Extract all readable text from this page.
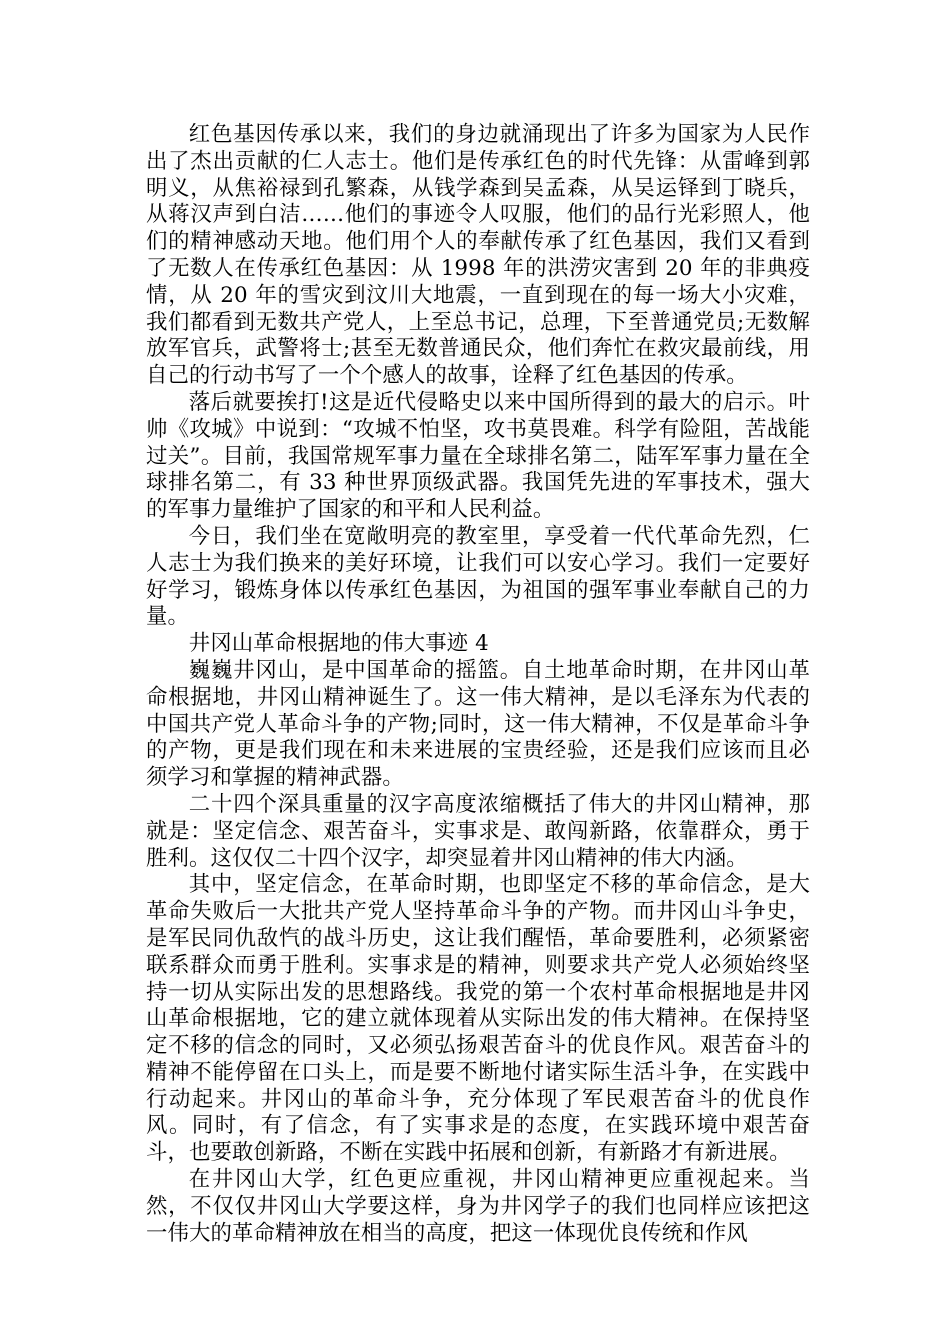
红色基因传承以来，我们的身边就涌现出了许多为国家为人民作出了杰出贡献的仁人志士。他们是传承红色的时代先锋：从雷峰到郭明义，从焦裕禄到孔繁森，从钱学森到吴孟森，从吴运铎到丁晓兵，从蒋汉声到白洁……他们的事迹令人叹服，他们的品行光彩照人，他们的精神感动天地。他们用个人的奉献传承了红色基因，我们又看到了无数人在传承红色基因：从 1998 年的洪涝灾害到 20 年的非典疫情，从 20 年的雪灾到汶川大地震，一直到现在的每一场大小灾难，我们都看到无数共产党人，上至总书记，总理，下至普通党员;无数解放军官兵，武警将士;甚至无数普通民众，他们奔忙在救灾最前线，用自己的行动书写了一个个感人的故事，诠释了红色基因的传承。

落后就要挨打!这是近代侵略史以来中国所得到的最大的启示。叶帅《攻城》中说到：“攻城不怕坚，攻书莫畏难。科学有险阻，苦战能过关”。目前，我国常规军事力量在全球排名第二，陆军军事力量在全球排名第二，有 33 种世界顶级武器。我国凭先进的军事技术，强大的军事力量维护了国家的和平和人民利益。

今日，我们坐在宽敞明亮的教室里，享受着一代代革命先烈，仁人志士为我们换来的美好环境，让我们可以安心学习。我们一定要好好学习，锻炼身体以传承红色基因，为祖国的强军事业奉献自己的力量。

井冈山革命根据地的伟大事迹 4

巍巍井冈山，是中国革命的摇篮。自土地革命时期，在井冈山革命根据地，井冈山精神诞生了。这一伟大精神，是以毛泽东为代表的中国共产党人革命斗争的产物;同时，这一伟大精神，不仅是革命斗争的产物，更是我们现在和未来进展的宝贵经验，还是我们应该而且必须学习和掌握的精神武器。

二十四个深具重量的汉字高度浓缩概括了伟大的井冈山精神，那就是：坚定信念、艰苦奋斗，实事求是、敢闯新路，依靠群众，勇于胜利。这仅仅二十四个汉字，却突显着井冈山精神的伟大内涵。

其中，坚定信念，在革命时期，也即坚定不移的革命信念，是大革命失败后一大批共产党人坚持革命斗争的产物。而井冈山斗争史，是军民同仇敌忾的战斗历史，这让我们醒悟，革命要胜利，必须紧密联系群众而勇于胜利。实事求是的精神，则要求共产党人必须始终坚持一切从实际出发的思想路线。我党的第一个农村革命根据地是井冈山革命根据地，它的建立就体现着从实际出发的伟大精神。在保持坚定不移的信念的同时，又必须弘扬艰苦奋斗的优良作风。艰苦奋斗的精神不能停留在口头上，而是要不断地付诸实际生活斗争，在实践中行动起来。井冈山的革命斗争，充分体现了军民艰苦奋斗的优良作风。同时，有了信念，有了实事求是的态度，在实践环境中艰苦奋斗，也要敢创新路，不断在实践中拓展和创新，有新路才有新进展。

在井冈山大学，红色更应重视，井冈山精神更应重视起来。当然，不仅仅井冈山大学要这样，身为井冈学子的我们也同样应该把这一伟大的革命精神放在相当的高度，把这一体现优良传统和作风
